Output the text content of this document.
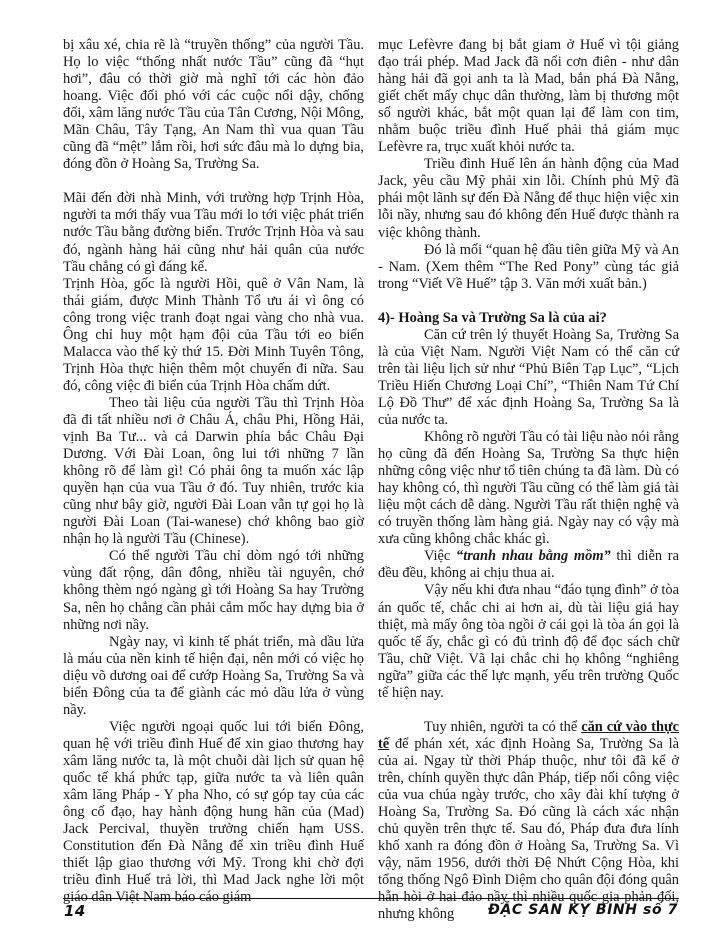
bị xâu xé, chia rẽ là “truyền thống” của người Tầu. Họ lo việc “thống nhất nước Tầu” cũng đã “hụt hơi”, đâu có thời giờ mà nghĩ tới các hòn đảo hoang. Việc đối phó với các cuộc nổi dậy, chống đối, xâm lăng nước Tầu của Tân Cương, Nội Mông, Mãn Châu, Tây Tạng, An Nam thì vua quan Tầu cũng đã “mệt” lắm rồi, hơi sức đâu mà lo dựng bia, đóng đồn ở Hoàng Sa, Trường Sa.

Mãi đến đời nhà Minh, với trường hợp Trịnh Hòa, người ta mới thấy vua Tầu mới lo tới việc phát triển nước Tầu bằng đường biển. Trước Trịnh Hòa và sau đó, ngành hàng hải cũng như hải quân của nước Tầu chẳng có gì đáng kể.

Trịnh Hòa, gốc là người Hồi, quê ở Vân Nam, là thái giám, được Minh Thành Tổ ưu ái vì ông có công trong việc tranh đoạt ngai vàng cho nhà vua. Ông chỉ huy một hạm đội của Tầu tới eo biển Malacca vào thế kỷ thứ 15. Đời Minh Tuyên Tông, Trịnh Hòa thực hiện thêm một chuyến đi nữa. Sau đó, công việc đi biển của Trịnh Hòa chấm dứt.

Theo tài liệu của người Tầu thì Trịnh Hòa đã đi tất nhiều nơi ở Châu Á, châu Phi, Hồng Hải, vịnh Ba Tư... và cả Darwin phía bắc Châu Đại Dương. Với Đài Loan, ông lui tới những 7 lần không rõ để làm gì! Có phải ông ta muốn xác lập quyền hạn của vua Tầu ở đó. Tuy nhiên, trước kia cũng như bây giờ, người Đài Loan vẫn tự gọi họ là người Đài Loan (Tai-wanese) chớ không bao giờ nhận họ là người Tầu (Chinese).

Có thể người Tầu chỉ dòm ngó tới những vùng đất rộng, dân đông, nhiều tài nguyên, chớ không thèm ngó ngàng gì tới Hoàng Sa hay Trường Sa, nên họ chẳng cần phải cắm mốc hay dựng bia ở những nơi nầy.

Ngày nay, vì kinh tế phát triển, mà dầu lửa là máu của nền kinh tế hiện đại, nên mới có việc họ diệu võ dương oai để cướp Hoàng Sa, Trường Sa và biển Đông của ta để giành các mỏ dầu lửa ở vùng nầy.

Việc người ngoại quốc lui tới biển Đông, quan hệ với triều đình Huế để xin giao thương hay xâm lăng nước ta, là một chuỗi dài lịch sử quan hệ quốc tế khá phức tạp, giữa nước ta và liên quân xâm lăng Pháp - Y pha Nho, có sự góp tay của các ông cố đạo, hay hành động hung hãn của (Mad) Jack Percival, thuyền trưởng chiến hạm USS. Constitution đến Đà Nẵng để xin triều đình Huế thiết lập giao thương với Mỹ. Trong khi chờ đợi triều đình Huế trả lời, thì Mad Jack nghe lời một giáo dân Việt Nam báo cáo giám

mục Lefèvre đang bị bắt giam ở Huế vì tội giảng đạo trái phép. Mad Jack đã nổi cơn điên - như dân hàng hải đã gọi anh ta là Mad, bắn phá Đà Nẵng, giết chết mấy chục dân thường, làm bị thương một số người khác, bắt một quan lại để làm con tim, nhằm buộc triều đình Huế phải thả giám mục Lefèvre ra, trục xuất khỏi nước ta.

Triều đình Huế lên án hành động của Mad Jack, yêu cầu Mỹ phải xin lỗi. Chính phủ Mỹ đã phái một lãnh sự đến Đà Nẵng để thục hiện việc xin lỗi nầy, nhưng sau đó không đến Huế được thành ra việc không thành.

Đó là mối “quan hệ đầu tiên giữa Mỹ và An - Nam. (Xem thêm “The Red Pony” cùng tác giả trong “Viết Về Huế” tập 3. Văn mới xuất bản.)

4)- Hoàng Sa và Trường Sa là của ai?

Căn cứ trên lý thuyết Hoàng Sa, Trường Sa là của Việt Nam. Người Việt Nam có thể căn cứ trên tài liệu lịch sử như “Phủ Biên Tạp Lục”, “Lịch Triều Hiến Chương Loại Chí”, “Thiên Nam Tứ Chí Lộ Đồ Thư” để xác định Hoàng Sa, Trường Sa là của nước ta.

Không rõ người Tầu có tài liệu nào nói rằng họ cũng đã đến Hoàng Sa, Trường Sa thực hiện những công việc như tổ tiên chúng ta đã làm. Dù có hay không có, thì người Tầu cũng có thể làm giả tài liệu một cách dễ dàng. Người Tầu rất thiện nghệ và có truyền thống làm hàng giả. Ngày nay có vậy mà xưa cũng không chắc khác gì.

Việc “tranh nhau bằng mồm” thì diễn ra đều đều, không ai chịu thua ai.

Vậy nếu khi đưa nhau “đáo tụng đình” ở tòa án quốc tế, chắc chi ai hơn ai, dù tài liệu giả hay thiệt, mà mấy ông tòa ngồi ở cái gọi là tòa án gọi là quốc tế ấy, chắc gì có đủ trình độ để đọc sách chữ Tầu, chữ Việt. Vã lại chắc chi họ không “nghiêng ngữa” giữa các thế lực mạnh, yếu trên trường Quốc tế hiện nay.

Tuy nhiên, người ta có thể căn cứ vào thực tế để phán xét, xác định Hoàng Sa, Trường Sa là của ai. Ngay từ thời Pháp thuộc, như tôi đã kể ở trên, chính quyền thực dân Pháp, tiếp nối công việc của vua chúa ngày trước, cho xây đài khí tượng ở Hoàng Sa, Trường Sa. Đó cũng là cách xác nhận chủ quyền trên thực tế. Sau đó, Pháp đưa đưa lính khố xanh ra đóng đồn ở Hoàng Sa, Trường Sa. Vì vậy, năm 1956, dưới thời Đệ Nhứt Cộng Hòa, khi tổng thống Ngô Đình Diệm cho quân đội đóng quân hẵn hòi ở hai đảo nầy thì nhiều quốc gia phản đối, nhưng không

14	ĐẶC SAN KỴ BINH số 7
